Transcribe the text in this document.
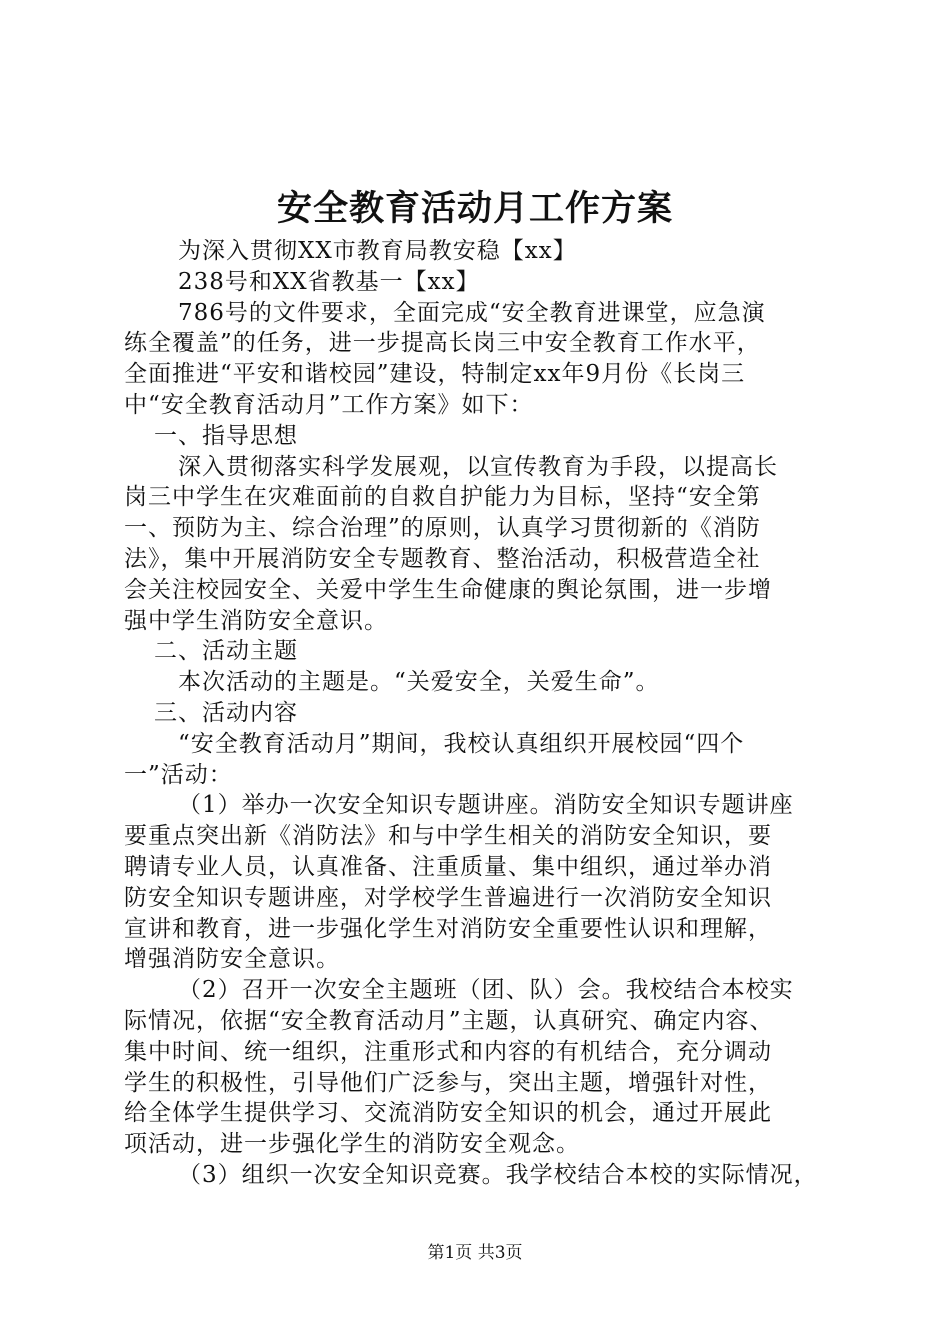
安全教育活动月工作方案
为深入贯彻XX市教育局教安稳【xx】
238号和XX省教基一【xx】
786号的文件要求，全面完成“安全教育进课堂，应急演
练全覆盖”的任务，进一步提高长岗三中安全教育工作水平，
全面推进“平安和谐校园”建设，特制定xx年9月份《长岗三
中“安全教育活动月”工作方案》如下：
一、指导思想
深入贯彻落实科学发展观，以宣传教育为手段，以提高长
岗三中学生在灾难面前的自救自护能力为目标，坚持“安全第
一、预防为主、综合治理”的原则，认真学习贯彻新的《消防
法》，集中开展消防安全专题教育、整治活动，积极营造全社
会关注校园安全、关爱中学生生命健康的舆论氛围，进一步增
强中学生消防安全意识。
二、活动主题
本次活动的主题是。“关爱安全，关爱生命”。
三、活动内容
“安全教育活动月”期间，我校认真组织开展校园“四个
一”活动：
（1）举办一次安全知识专题讲座。消防安全知识专题讲座
要重点突出新《消防法》和与中学生相关的消防安全知识，要
聘请专业人员，认真准备、注重质量、集中组织，通过举办消
防安全知识专题讲座，对学校学生普遍进行一次消防安全知识
宣讲和教育，进一步强化学生对消防安全重要性认识和理解，
增强消防安全意识。
（2）召开一次安全主题班（团、队）会。我校结合本校实
际情况，依据“安全教育活动月”主题，认真研究、确定内容、
集中时间、统一组织，注重形式和内容的有机结合，充分调动
学生的积极性，引导他们广泛参与，突出主题，增强针对性，
给全体学生提供学习、交流消防安全知识的机会，通过开展此
项活动，进一步强化学生的消防安全观念。
（3）组织一次安全知识竞赛。我学校结合本校的实际情况，
第1页 共3页
